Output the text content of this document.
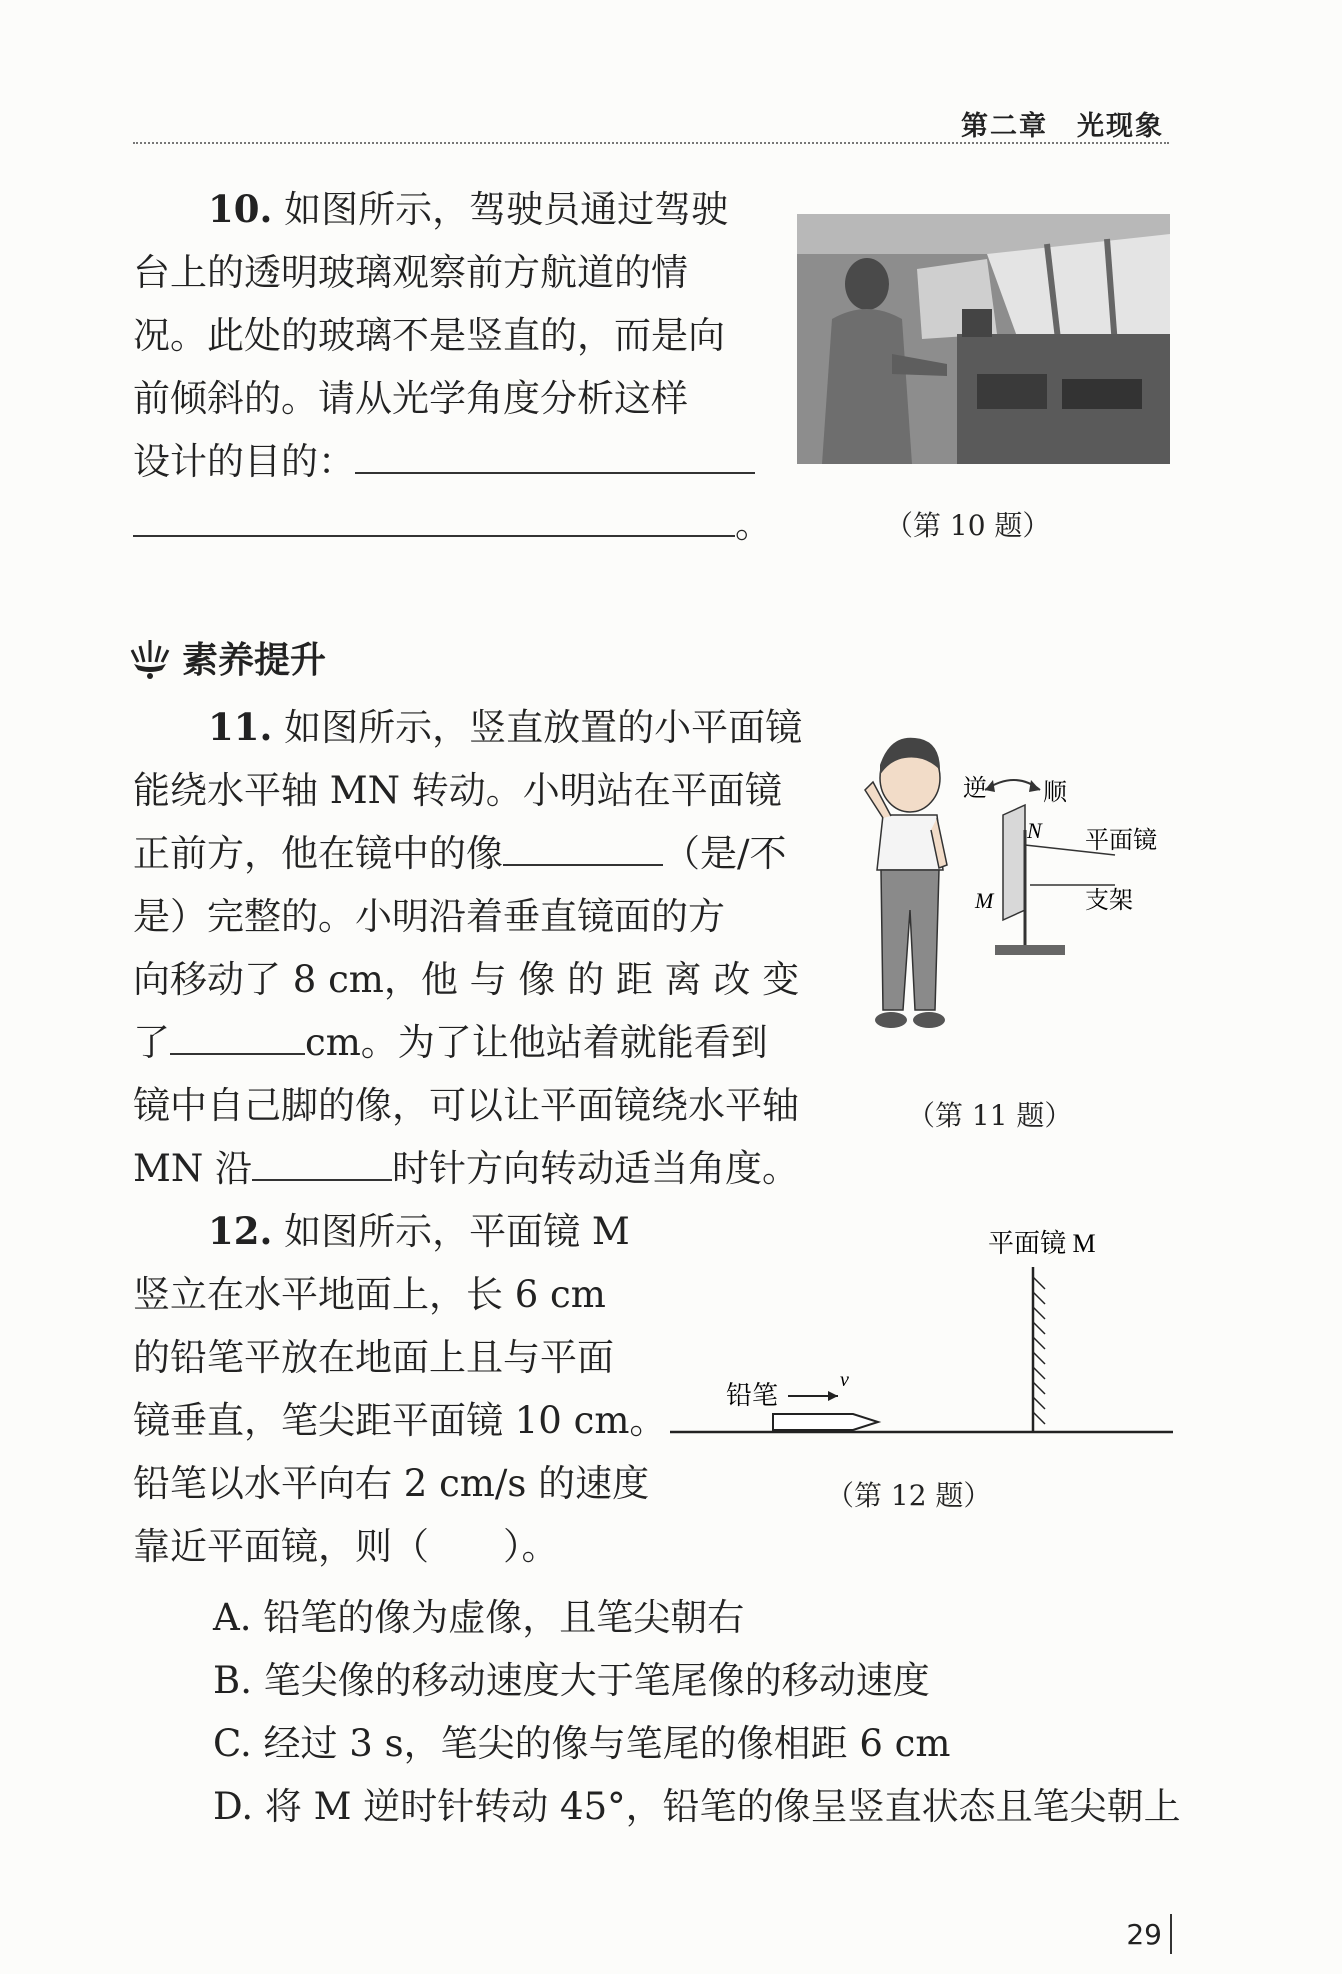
第二章　光现象
10. 如图所示，驾驶员通过驾驶
台上的透明玻璃观察前方航道的情
况。此处的玻璃不是竖直的，而是向
前倾斜的。请从光学角度分析这样
设计的目的：
。	（第 10 题）
素养提升
11. 如图所示，竖直放置的小平面镜
能绕水平轴 MN 转动。小明站在平面镜
正前方，他在镜中的像	（是/不
是）完整的。小明沿着垂直镜面的方
向移动了 8 cm，他 与 像 的 距 离 改 变
了	cm。为了让他站着就能看到
镜中自己脚的像，可以让平面镜绕水平轴
MN 沿	时针方向转动适当角度。
逆 顺
N
M
平面镜
支架
（第 11 题）
12. 如图所示，平面镜 M
竖立在水平地面上，长 6 cm
的铅笔平放在地面上且与平面
镜垂直，笔尖距平面镜 10 cm。
铅笔以水平向右 2 cm/s 的速度
靠近平面镜，则（　　）。
平面镜 M
铅笔
v
（第 12 题）
A. 铅笔的像为虚像，且笔尖朝右
B. 笔尖像的移动速度大于笔尾像的移动速度
C. 经过 3 s，笔尖的像与笔尾的像相距 6 cm
D. 将 M 逆时针转动 45°，铅笔的像呈竖直状态且笔尖朝上
29
